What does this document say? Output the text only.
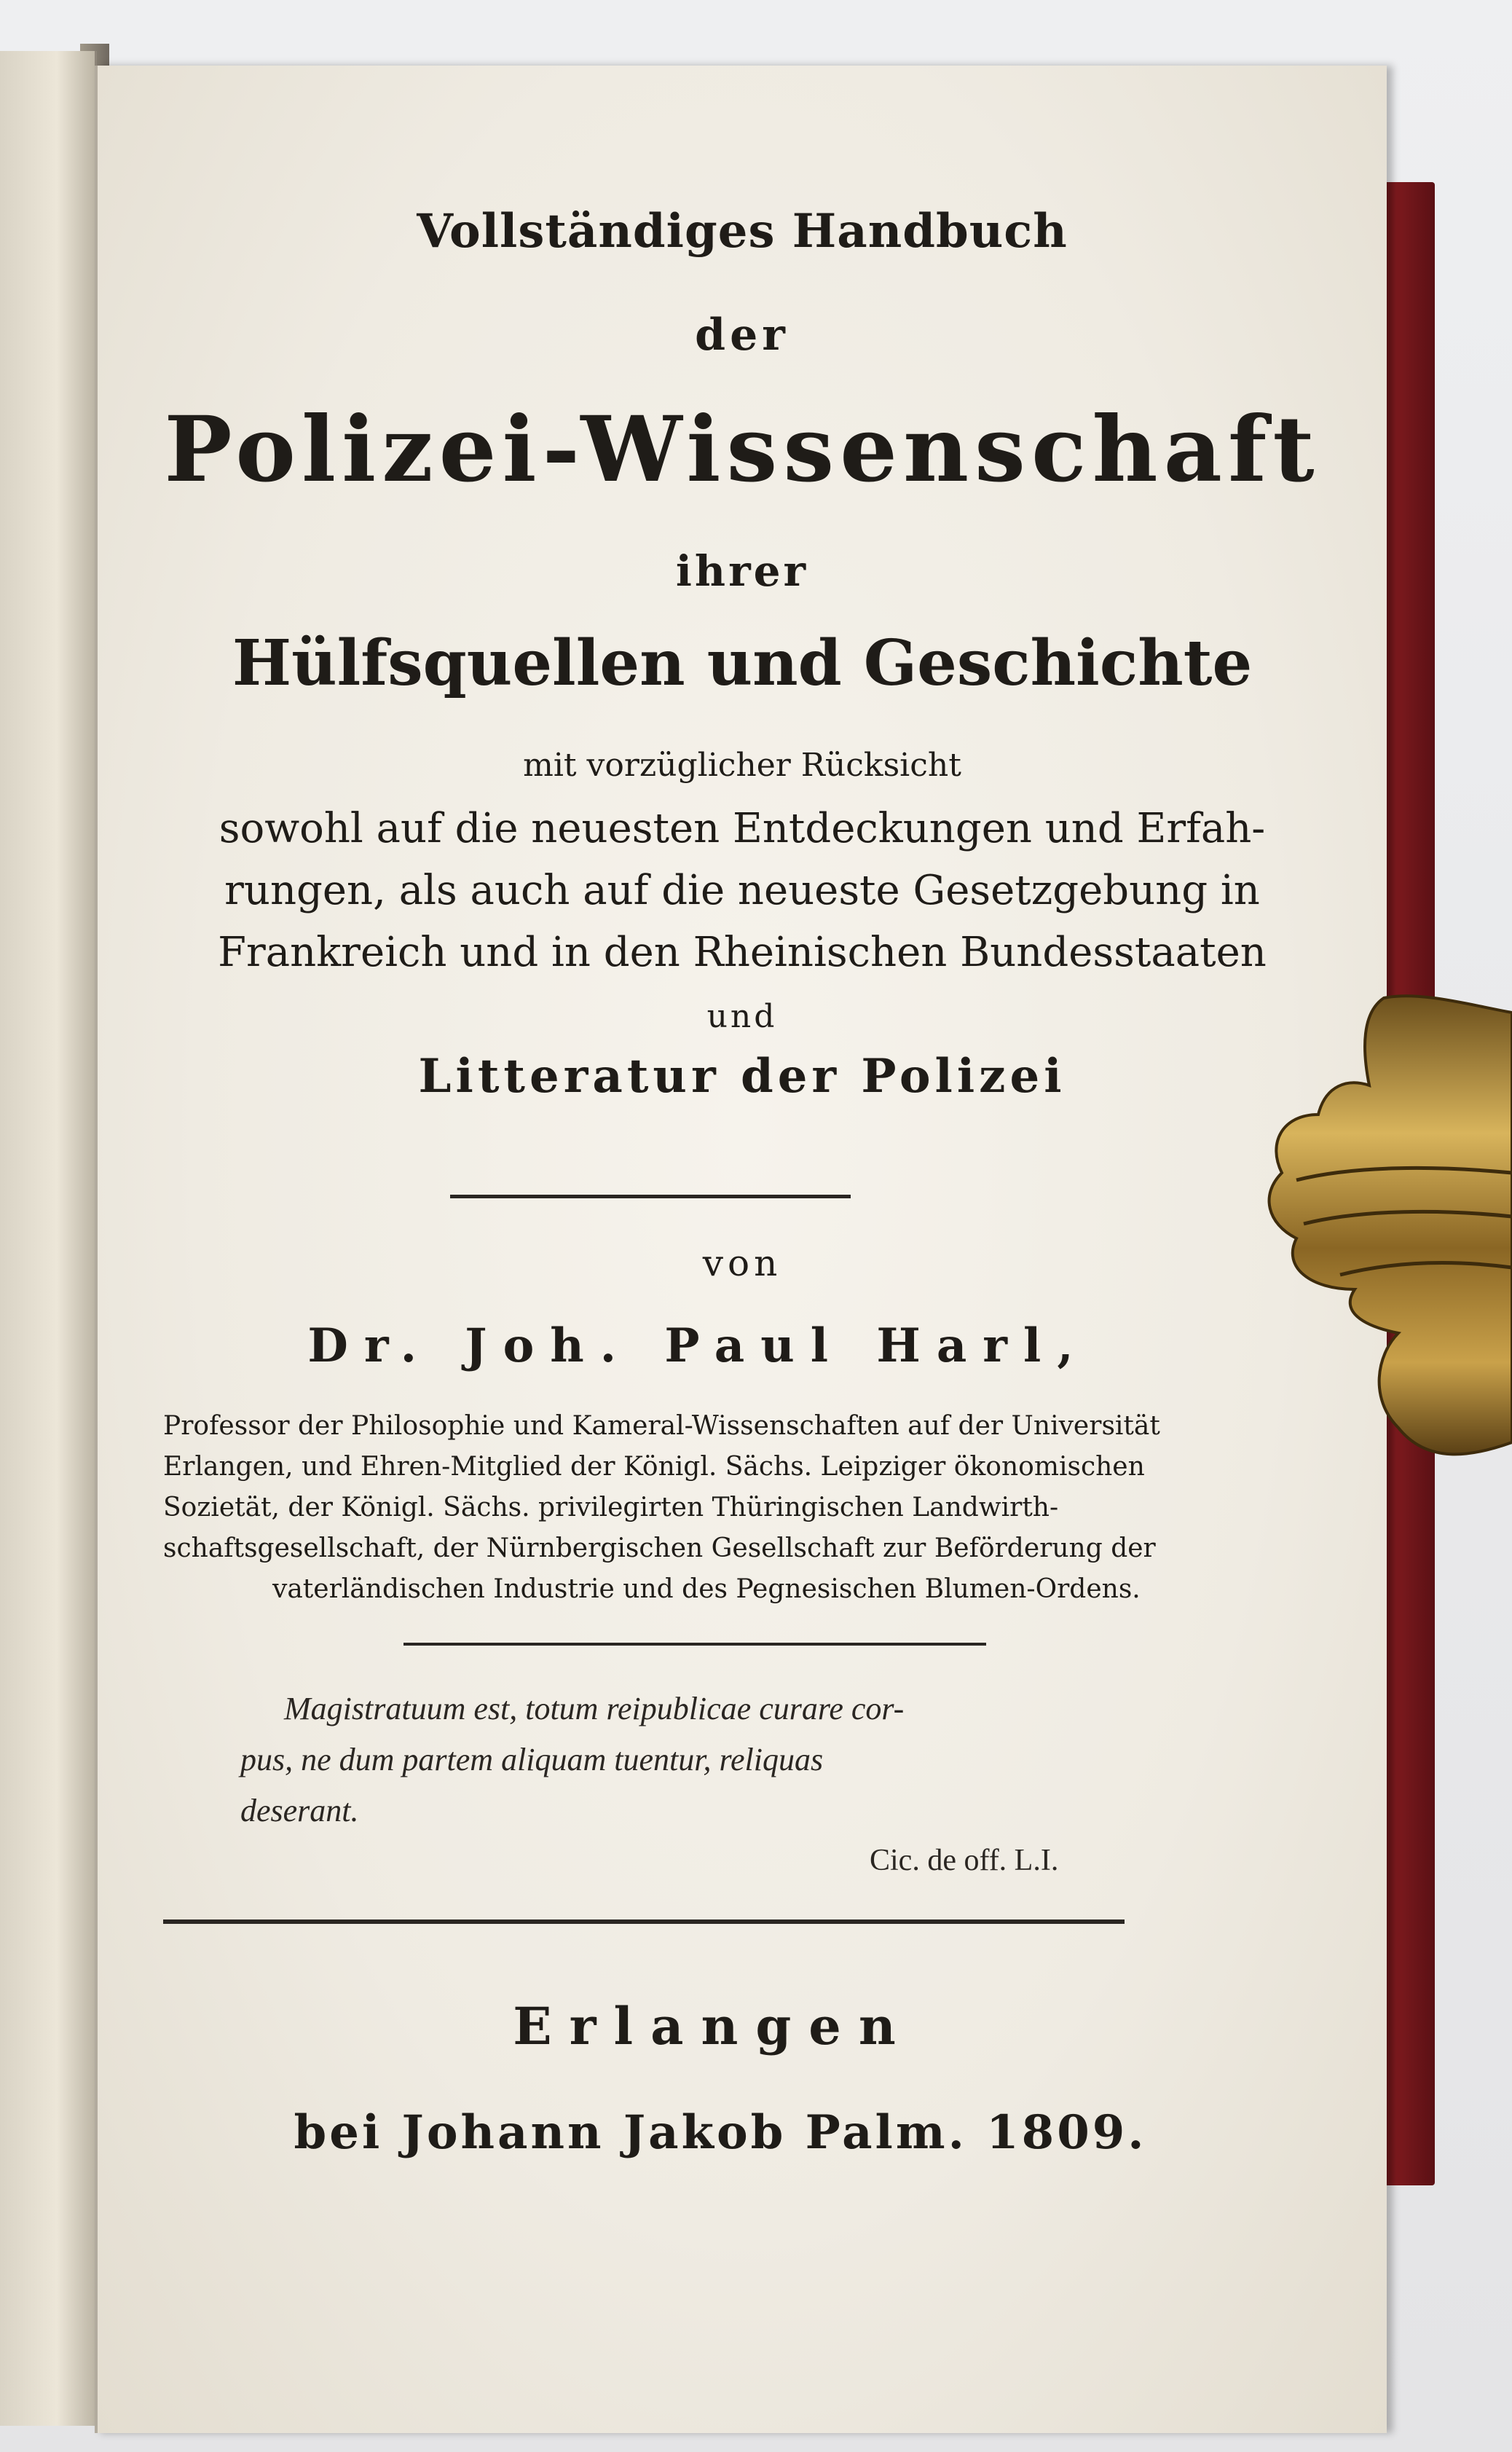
Vollständiges Handbuch
der
Polizei-Wissenschaft
ihrer
Hülfsquellen und Geschichte
mit vorzüglicher Rücksicht
sowohl auf die neuesten Entdeckungen und Erfah-
rungen, als auch auf die neueste Gesetzgebung in
Frankreich und in den Rheinischen Bundesstaaten
und
Litteratur der Polizei
von
Dr. Joh. Paul Harl,
Professor der Philosophie und Kameral-Wissenschaften auf der Universität
Erlangen, und Ehren-Mitglied der Königl. Sächs. Leipziger ökonomischen
Sozietät, der Königl. Sächs. privilegirten Thüringischen Landwirth-
schaftsgesellschaft, der Nürnbergischen Gesellschaft zur Beförderung der
vaterländischen Industrie und des Pegnesischen Blumen-Ordens.
Magistratuum est, totum reipublicae curare cor-
pus, ne dum partem aliquam tuentur, reliquas
deserant.
Cic. de off. L.I.
Erlangen
bei Johann Jakob Palm. 1809.
